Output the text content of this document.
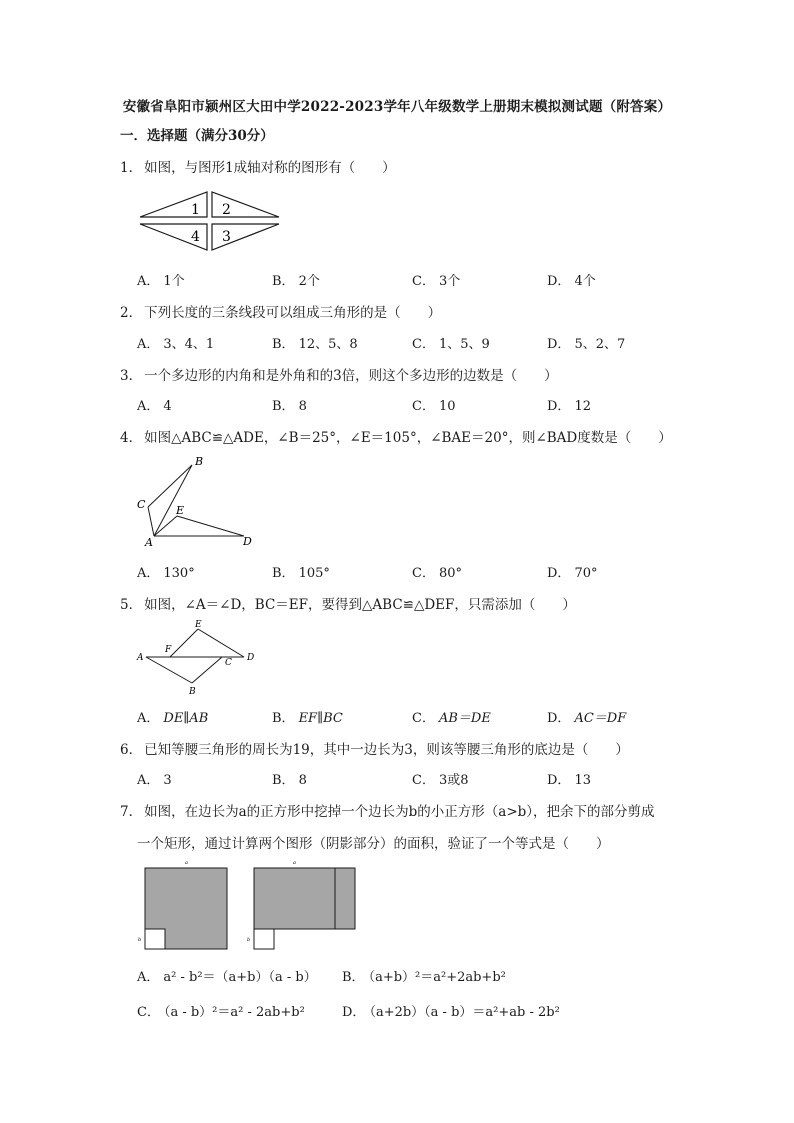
安徽省阜阳市颍州区大田中学2022-2023学年八年级数学上册期末模拟测试题（附答案）
一．选择题（满分30分）
1． 如图，与图形1成轴对称的图形有（　　）
1 2
4 3
A． 1个	B． 2个	C． 3个	D． 4个
2． 下列长度的三条线段可以组成三角形的是（　　）
A． 3、4、1	B． 12、5、8	C． 1、5、9	D． 5、2、7
3． 一个多边形的内角和是外角和的3倍，则这个多边形的边数是（　　）
A． 4	B． 8	C． 10	D． 12
4． 如图△ABC≌△ADE，∠B＝25°，∠E＝105°，∠BAE＝20°，则∠BAD度数是（　　）
B
C	E
A	D
A． 130°	B． 105°	C． 80°	D． 70°
5． 如图，∠A＝∠D，BC＝EF，要得到△ABC≌△DEF，只需添加（　　）
E
F
A	C D
B
A． DE∥AB	B． EF∥BC	C． AB＝DE	D． AC＝DF
6． 已知等腰三角形的周长为19，其中一边长为3，则该等腰三角形的底边是（　　）
A． 3	B． 8	C． 3或8	D． 13
7． 如图，在边长为a的正方形中挖掉一个边长为b的小正方形（a>b），把余下的部分剪成
一个矩形，通过计算两个图形（阴影部分）的面积，验证了一个等式是（　　）
a
b
a
b
A． a² - b²＝（a+b）（a - b） B． （a+b）²＝a²+2ab+b²
C． （a - b）²＝a² - 2ab+b²	D． （a+2b）（a - b）＝a²+ab - 2b²
